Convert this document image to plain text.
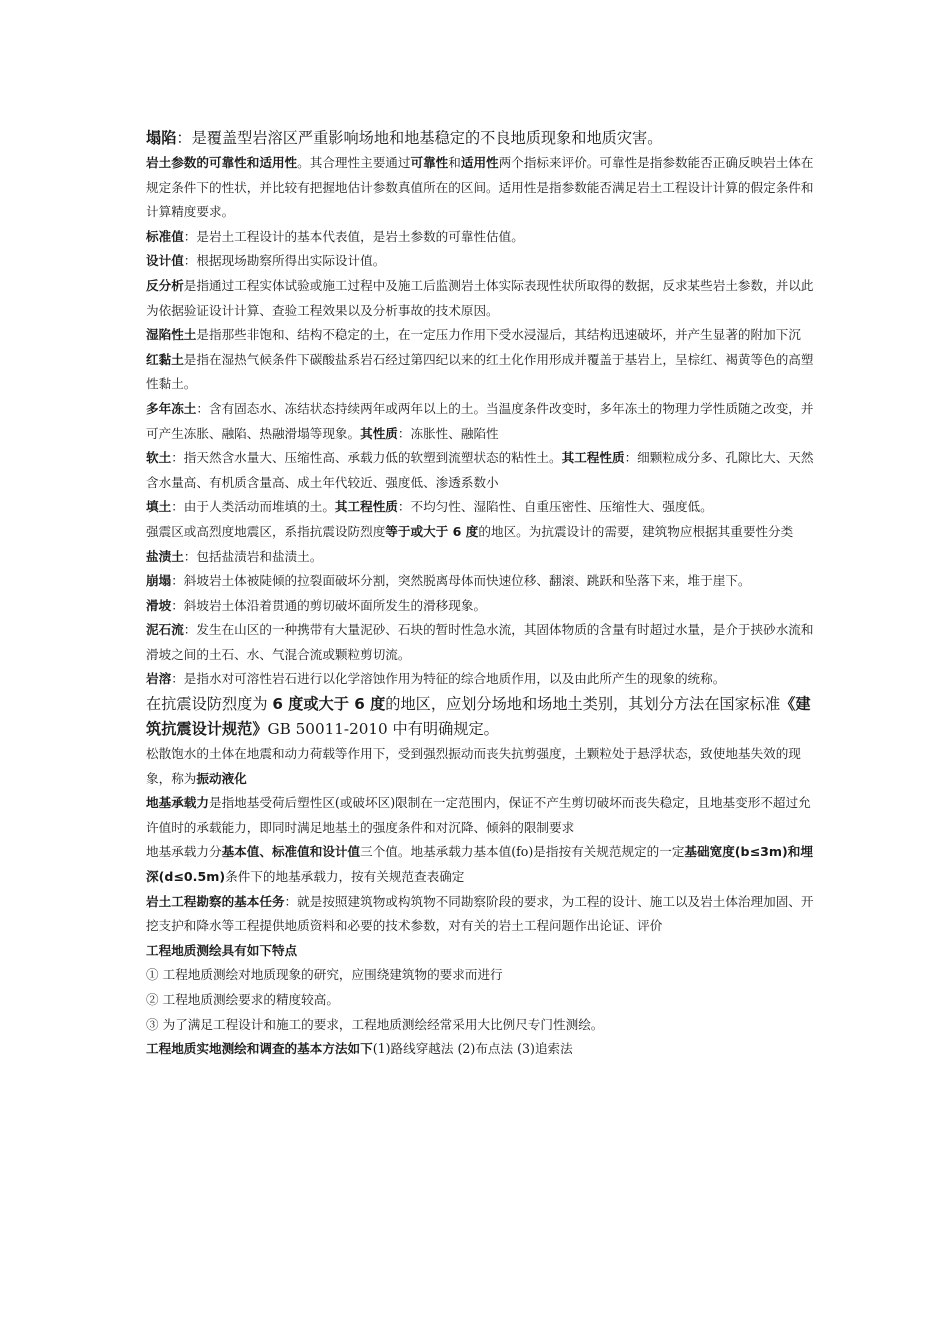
塌陷：是覆盖型岩溶区严重影响场地和地基稳定的不良地质现象和地质灾害。

岩土参数的可靠性和适用性。其合理性主要通过可靠性和适用性两个指标来评价。可靠性是指参数能否正确反映岩土体在规定条件下的性状，并比较有把握地估计参数真值所在的区间。适用性是指参数能否满足岩土工程设计计算的假定条件和计算精度要求。

标准值：是岩土工程设计的基本代表值，是岩土参数的可靠性估值。

设计值：根据现场勘察所得出实际设计值。

反分析是指通过工程实体试验或施工过程中及施工后监测岩土体实际表现性状所取得的数据，反求某些岩土参数，并以此为依据验证设计计算、查验工程效果以及分析事故的技术原因。

湿陷性土是指那些非饱和、结构不稳定的土，在一定压力作用下受水浸湿后，其结构迅速破坏，并产生显著的附加下沉

红黏土是指在湿热气候条件下碳酸盐系岩石经过第四纪以来的红土化作用形成并覆盖于基岩上，呈棕红、褐黄等色的高塑性黏土。

多年冻土：含有固态水、冻结状态持续两年或两年以上的土。当温度条件改变时，多年冻土的物理力学性质随之改变，并可产生冻胀、融陷、热融滑塌等现象。其性质：冻胀性、融陷性

软土：指天然含水量大、压缩性高、承载力低的软塑到流塑状态的粘性土。其工程性质：细颗粒成分多、孔隙比大、天然含水量高、有机质含量高、成土年代较近、强度低、渗透系数小

填土：由于人类活动而堆填的土。其工程性质：不均匀性、湿陷性、自重压密性、压缩性大、强度低。

强震区或高烈度地震区，系指抗震设防烈度等于或大于 6 度的地区。为抗震设计的需要，建筑物应根据其重要性分类

盐渍土：包括盐渍岩和盐渍土。

崩塌：斜坡岩土体被陡倾的拉裂面破坏分割，突然脱离母体而快速位移、翻滚、跳跃和坠落下来，堆于崖下。

滑坡：斜坡岩土体沿着贯通的剪切破坏面所发生的滑移现象。

泥石流：发生在山区的一种携带有大量泥砂、石块的暂时性急水流，其固体物质的含量有时超过水量，是介于挟砂水流和滑坡之间的土石、水、气混合流或颗粒剪切流。

岩溶：是指水对可溶性岩石进行以化学溶蚀作用为特征的综合地质作用，以及由此所产生的现象的统称。

在抗震设防烈度为 6 度或大于 6 度的地区，应划分场地和场地土类别，其划分方法在国家标准《建筑抗震设计规范》GB 50011-2010 中有明确规定。

松散饱水的土体在地震和动力荷载等作用下，受到强烈振动而丧失抗剪强度，土颗粒处于悬浮状态，致使地基失效的现象，称为振动液化

地基承载力是指地基受荷后塑性区(或破坏区)限制在一定范围内，保证不产生剪切破坏而丧失稳定，且地基变形不超过允许值时的承载能力，即同时满足地基土的强度条件和对沉降、倾斜的限制要求

地基承载力分基本值、标准值和设计值三个值。地基承载力基本值(fo)是指按有关规范规定的一定基础宽度(b≤3m)和埋深(d≤0.5m)条件下的地基承载力，按有关规范查表确定

岩土工程勘察的基本任务：就是按照建筑物或构筑物不同勘察阶段的要求，为工程的设计、施工以及岩土体治理加固、开挖支护和降水等工程提供地质资料和必要的技术参数，对有关的岩土工程问题作出论证、评价

工程地质测绘具有如下特点

① 工程地质测绘对地质现象的研究，应围绕建筑物的要求而进行

② 工程地质测绘要求的精度较高。

③ 为了满足工程设计和施工的要求，工程地质测绘经常采用大比例尺专门性测绘。

工程地质实地测绘和调查的基本方法如下(1)路线穿越法 (2)布点法 (3)追索法
